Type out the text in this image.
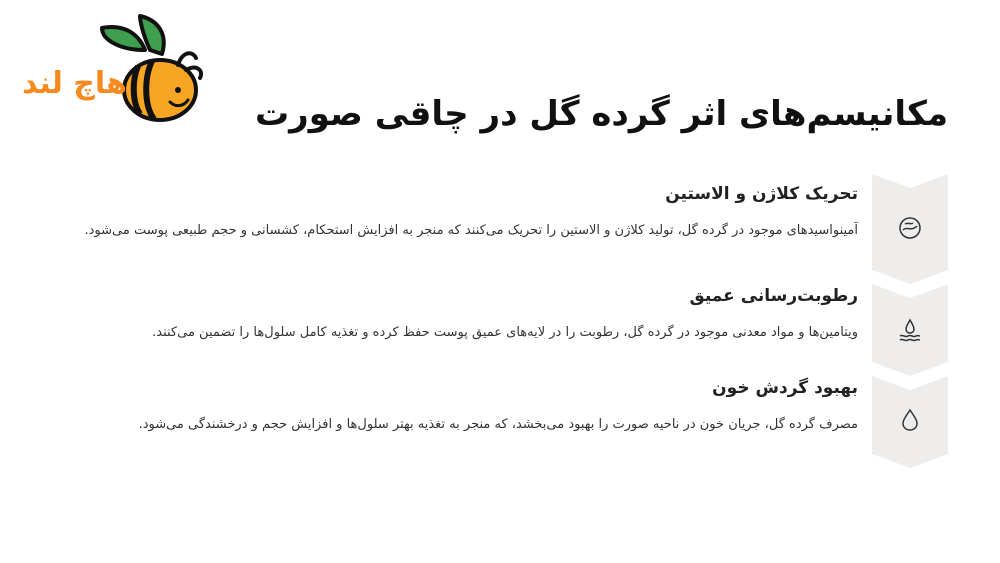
هاچ لند
مکانیسم‌های اثر گرده گل در چاقی صورت
تحریک کلاژن و الاستین

آمینواسیدهای موجود در گرده گل، تولید کلاژن و الاستین را تحریک می‌کنند که منجر به افزایش استحکام، کشسانی و حجم طبیعی پوست می‌شود.

رطوبت‌رسانی عمیق

ویتامین‌ها و مواد معدنی موجود در گرده گل، رطوبت را در لایه‌های عمیق پوست حفظ کرده و تغذیه کامل سلول‌ها را تضمین می‌کنند.

بهبود گردش خون

مصرف گرده گل، جریان خون در ناحیه صورت را بهبود می‌بخشد، که منجر به تغذیه بهتر سلول‌ها و افزایش حجم و درخشندگی می‌شود.
